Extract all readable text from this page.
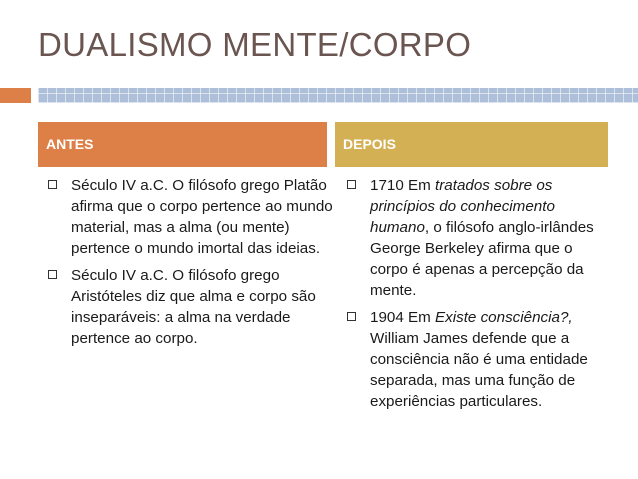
DUALISMO MENTE/CORPO
ANTES	DEPOIS
Século IV a.C. O filósofo grego Platão afirma que o corpo pertence ao mundo material, mas a alma (ou mente) pertence o mundo imortal das ideias.
Século IV a.C. O filósofo grego Aristóteles diz que alma e corpo são inseparáveis: a alma na verdade pertence ao corpo.
1710 Em tratados sobre os princípios do conhecimento humano, o filósofo anglo-irlândes George Berkeley afirma que o corpo é apenas a percepção da mente.
1904 Em Existe consciência?, William James defende que a consciência não é uma entidade separada, mas uma função de experiências particulares.
